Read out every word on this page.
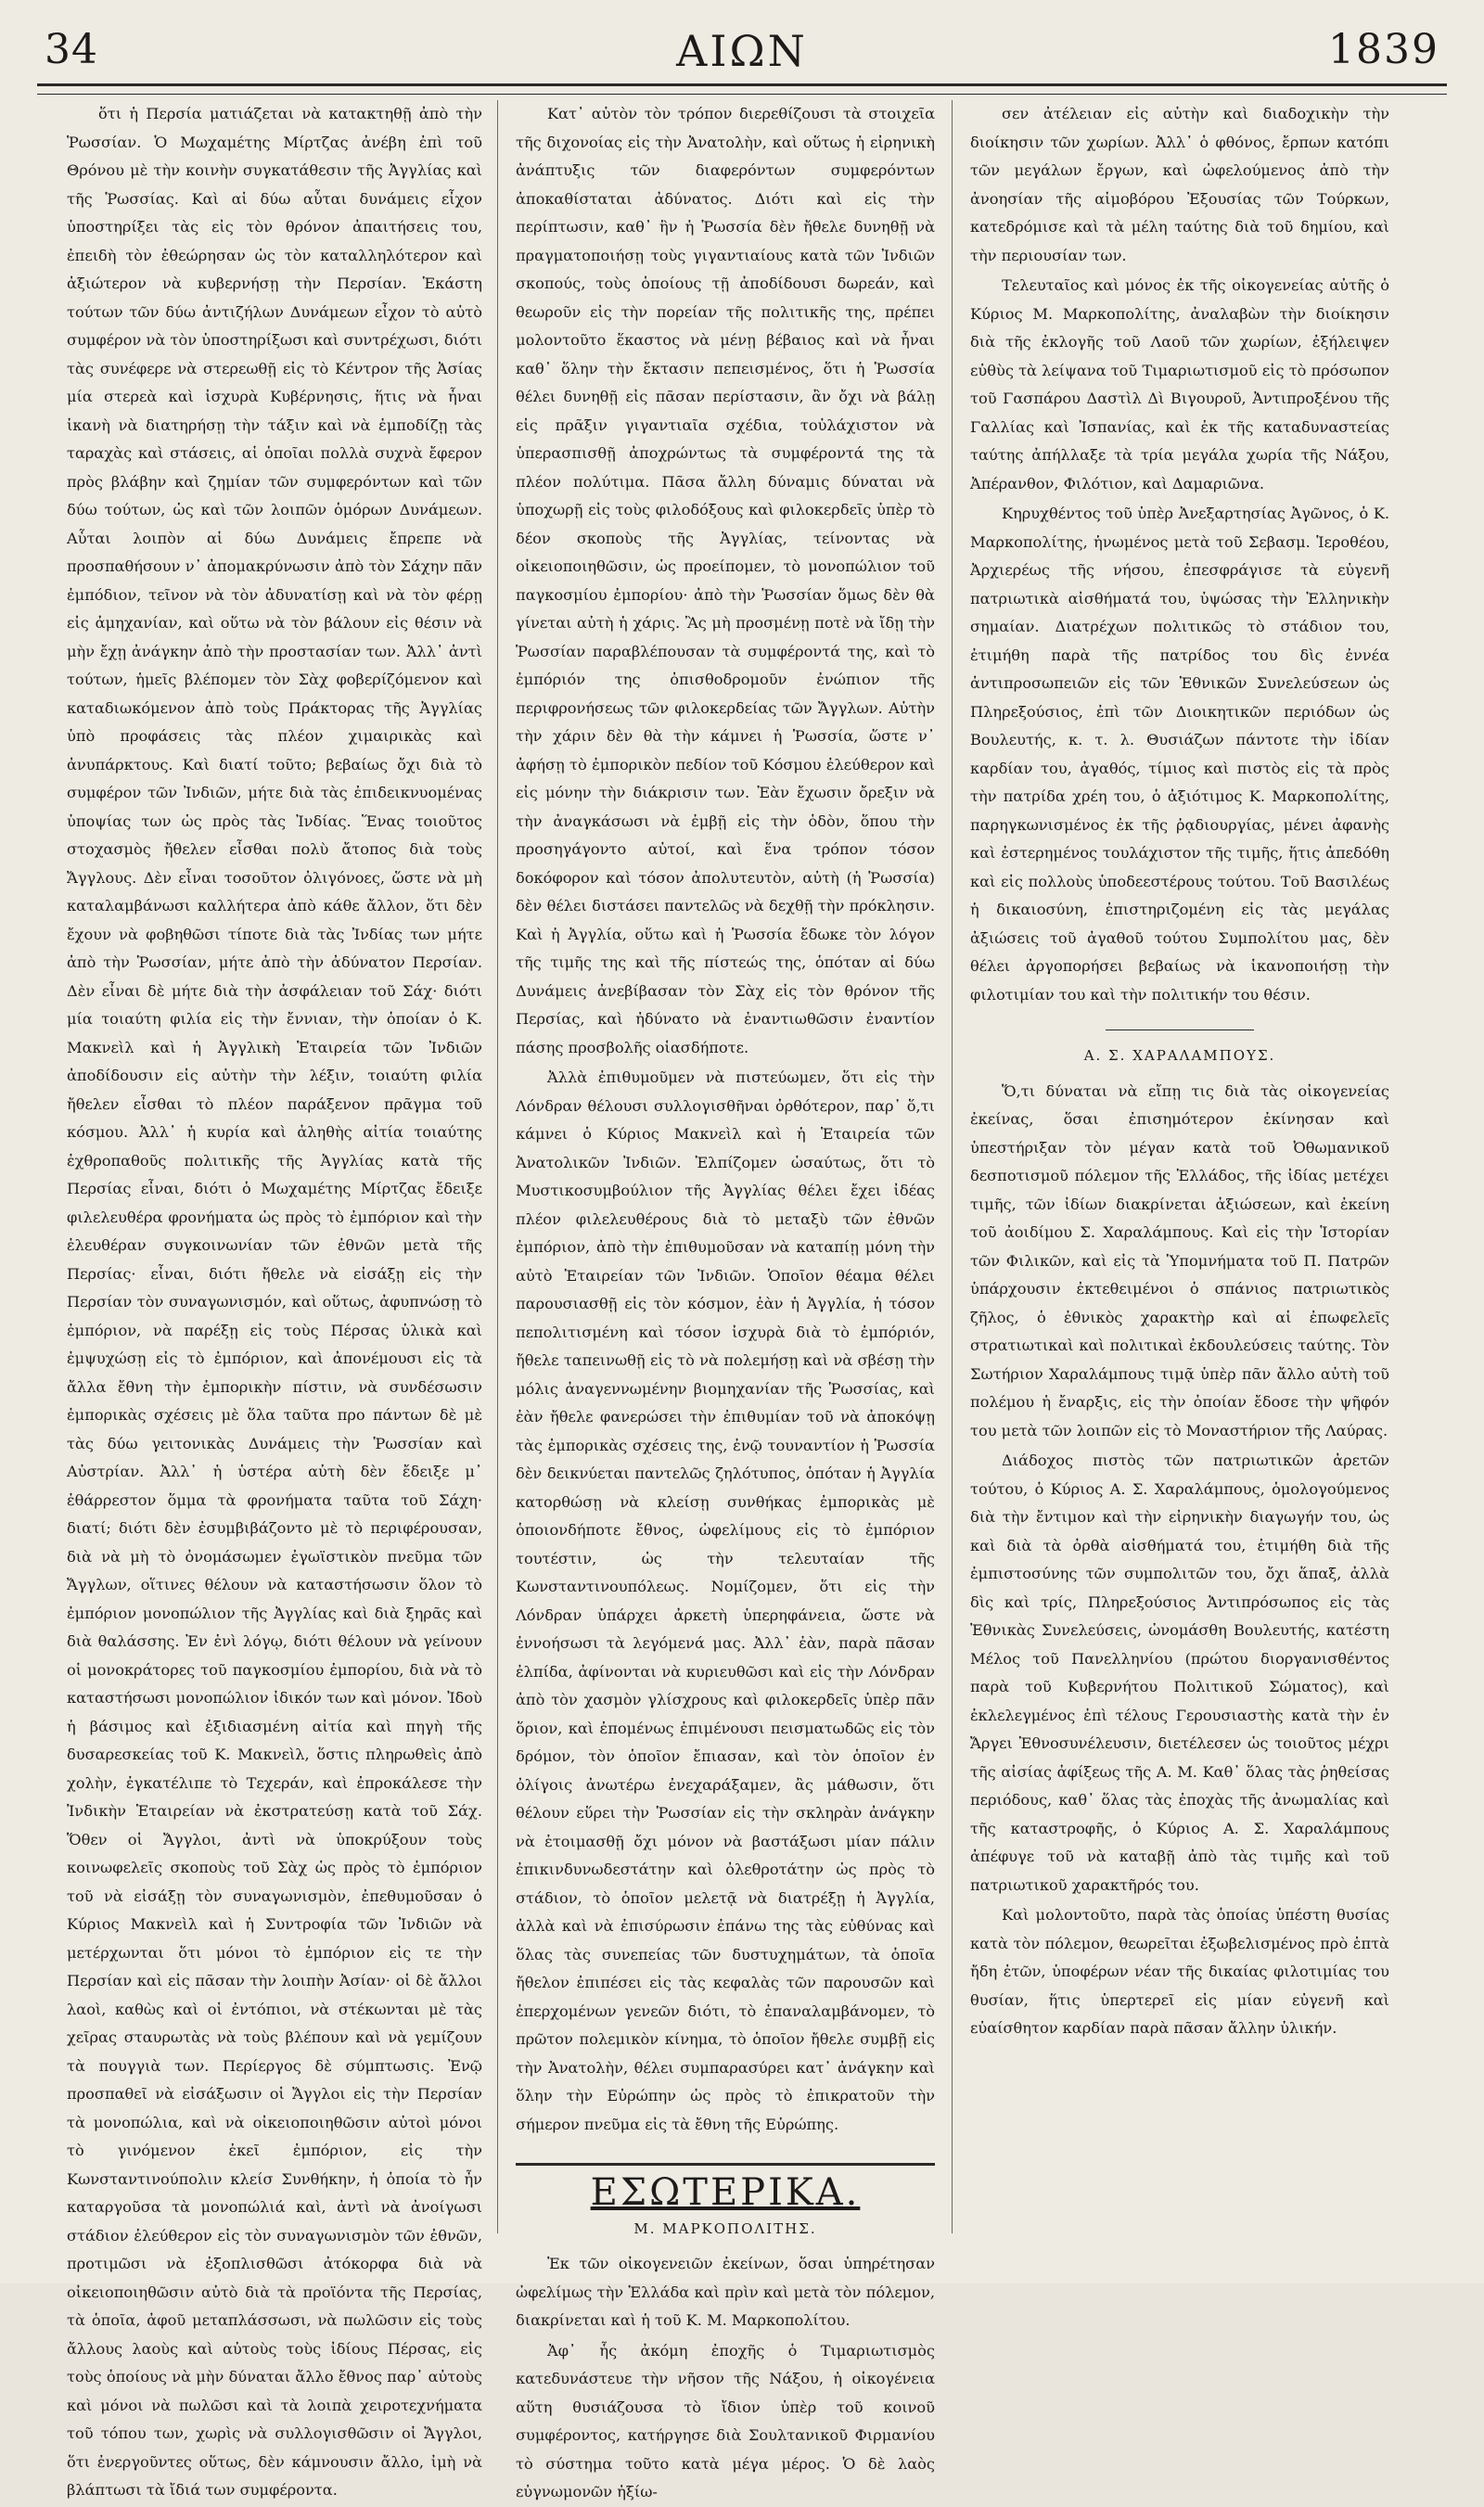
34	ΑΙΩΝ	1839

ὅτι ἡ Περσία ματιάζεται νὰ κατακτηθῇ ἀπὸ τὴν Ῥωσσίαν. Ὁ Μωχαμέτης Μίρτζας ἀνέβη ἐπὶ τοῦ Θρόνου μὲ τὴν κοινὴν συγκατάθεσιν τῆς Ἀγγλίας καὶ τῆς Ῥωσσίας. Καὶ αἱ δύω αὗται δυνάμεις εἶχον ὑποστηρίξει τὰς εἰς τὸν θρόνον ἀπαιτήσεις του, ἐπειδὴ τὸν ἐθεώρησαν ὡς τὸν καταλληλότερον καὶ ἀξιώτερον νὰ κυβερνήσῃ τὴν Περσίαν. Ἑκάστη τούτων τῶν δύω ἀντιζήλων Δυνάμεων εἶχον τὸ αὐτὸ συμφέρον νὰ τὸν ὑποστηρίξωσι καὶ συντρέχωσι, διότι τὰς συνέφερε νὰ στερεωθῇ εἰς τὸ Κέντρον τῆς Ἀσίας μία στερεὰ καὶ ἰσχυρὰ Κυβέρνησις, ἥτις νὰ ἦναι ἱκανὴ νὰ διατηρήσῃ τὴν τάξιν καὶ νὰ ἐμποδίζῃ τὰς ταραχὰς καὶ στάσεις, αἱ ὁποῖαι πολλὰ συχνὰ ἔφερον πρὸς βλάβην καὶ ζημίαν τῶν συμφερόντων καὶ τῶν δύω τούτων, ὡς καὶ τῶν λοιπῶν ὁμόρων Δυνάμεων. Αὗται λοιπὸν αἱ δύω Δυνάμεις ἔπρεπε νὰ προσπαθήσουν ν᾽ ἀπομακρύνωσιν ἀπὸ τὸν Σάχην πᾶν ἐμπόδιον, τεῖνον νὰ τὸν ἀδυνατίσῃ καὶ νὰ τὸν φέρῃ εἰς ἀμηχανίαν, καὶ οὕτω νὰ τὸν βάλουν εἰς θέσιν νὰ μὴν ἔχῃ ἀνάγκην ἀπὸ τὴν προστασίαν των. Ἀλλ᾽ ἀντὶ τούτων, ἡμεῖς βλέπομεν τὸν Σὰχ φοβερίζόμενον καὶ καταδιωκόμενον ἀπὸ τοὺς Πράκτορας τῆς Ἀγγλίας ὑπὸ προφάσεις τὰς πλέον χιμαιρικὰς καὶ ἀνυπάρκτους. Καὶ διατί τοῦτο; βεβαίως ὄχι διὰ τὸ συμφέρον τῶν Ἰνδιῶν, μήτε διὰ τὰς ἐπιδεικνυομένας ὑποψίας των ὡς πρὸς τὰς Ἰνδίας. Ἕνας τοιοῦτος στοχασμὸς ἤθελεν εἶσθαι πολὺ ἄτοπος διὰ τοὺς Ἄγγλους. Δὲν εἶναι τοσοῦτον ὀλιγόνοες, ὥστε νὰ μὴ καταλαμβάνωσι καλλήτερα ἀπὸ κάθε ἄλλον, ὅτι δὲν ἔχουν νὰ φοβηθῶσι τίποτε διὰ τὰς Ἰνδίας των μήτε ἀπὸ τὴν Ῥωσσίαν, μήτε ἀπὸ τὴν ἀδύνατον Περσίαν. Δὲν εἶναι δὲ μήτε διὰ τὴν ἀσφάλειαν τοῦ Σάχ· διότι μία τοιαύτη φιλία εἰς τὴν ἔννιαν, τὴν ὁποίαν ὁ Κ. Μακνεὶλ καὶ ἡ Ἀγγλικὴ Ἑταιρεία τῶν Ἰνδιῶν ἀποδίδουσιν εἰς αὐτὴν τὴν λέξιν, τοιαύτη φιλία ἤθελεν εἶσθαι τὸ πλέον παράξενον πρᾶγμα τοῦ κόσμου. Ἀλλ᾽ ἡ κυρία καὶ ἀληθὴς αἰτία τοιαύτης ἐχθροπαθοῦς πολιτικῆς τῆς Ἀγγλίας κατὰ τῆς Περσίας εἶναι, διότι ὁ Μωχαμέτης Μίρτζας ἔδειξε φιλελευθέρα φρονήματα ὡς πρὸς τὸ ἐμπόριον καὶ τὴν ἐλευθέραν συγκοινωνίαν τῶν ἐθνῶν μετὰ τῆς Περσίας· εἶναι, διότι ἤθελε νὰ εἰσάξῃ εἰς τὴν Περσίαν τὸν συναγωνισμόν, καὶ οὕτως, ἀφυπνώσῃ τὸ ἐμπόριον, νὰ παρέξῃ εἰς τοὺς Πέρσας ὑλικὰ καὶ ἐμψυχώσῃ εἰς τὸ ἐμπόριον, καὶ ἀπονέμουσι εἰς τὰ ἄλλα ἔθνη τὴν ἐμπορικὴν πίστιν, νὰ συνδέσωσιν ἐμπορικὰς σχέσεις μὲ ὅλα ταῦτα προ πάντων δὲ μὲ τὰς δύω γειτονικὰς Δυνάμεις τὴν Ῥωσσίαν καὶ Αὐστρίαν. Ἀλλ᾽ ἡ ὑστέρα αὐτὴ δὲν ἔδειξε μ᾽ ἐθάρρεστον ὅμμα τὰ φρονήματα ταῦτα τοῦ Σάχη· διατί; διότι δὲν ἐσυμβιβάζοντο μὲ τὸ περιφέρουσαν, διὰ νὰ μὴ τὸ ὀνομάσωμεν ἐγωϊστικὸν πνεῦμα τῶν Ἄγγλων, οἵτινες θέλουν νὰ καταστήσωσιν ὅλον τὸ ἐμπόριον μονοπώλιον τῆς Ἀγγλίας καὶ διὰ ξηρᾶς καὶ διὰ θαλάσσης. Ἐν ἑνὶ λόγῳ, διότι θέλουν νὰ γείνουν οἱ μονοκράτορες τοῦ παγκοσμίου ἐμπορίου, διὰ νὰ τὸ καταστήσωσι μονοπώλιον ἰδικόν των καὶ μόνον. Ἰδοὺ ἡ βάσιμος καὶ ἐξιδιασμένη αἰτία καὶ πηγὴ τῆς δυσαρεσκείας τοῦ Κ. Μακνεὶλ, ὅστις πληρωθεὶς ἀπὸ χολὴν, ἐγκατέλιπε τὸ Τεχεράν, καὶ ἐπροκάλεσε τὴν Ἰνδικὴν Ἑταιρείαν νὰ ἐκστρατεύσῃ κατὰ τοῦ Σάχ. Ὅθεν οἱ Ἄγγλοι, ἀντὶ νὰ ὑποκρύξουν τοὺς κοινωφελεῖς σκοποὺς τοῦ Σὰχ ὡς πρὸς τὸ ἐμπόριον τοῦ νὰ εἰσάξῃ τὸν συναγωνισμὸν, ἐπεθυμοῦσαν ὁ Κύριος Μακνεὶλ καὶ ἡ Συντροφία τῶν Ἰνδιῶν νὰ μετέρχωνται ὅτι μόνοι τὸ ἐμπόριον εἰς τε τὴν Περσίαν καὶ εἰς πᾶσαν τὴν λοιπὴν Ἀσίαν· οἱ δὲ ἄλλοι λαοὶ, καθὼς καὶ οἱ ἐντόπιοι, νὰ στέκωνται μὲ τὰς χεῖρας σταυρωτὰς νὰ τοὺς βλέπουν καὶ νὰ γεμίζουν τὰ πουγγιὰ των. Περίεργος δὲ σύμπτωσις. Ἐνῷ προσπαθεῖ νὰ εἰσάξωσιν οἱ Ἄγγλοι εἰς τὴν Περσίαν τὰ μονοπώλια, καὶ νὰ οἰκειοποιηθῶσιν αὐτοὶ μόνοι τὸ γινόμενον ἐκεῖ ἐμπόριον, εἰς τὴν Κωνσταντινούπολιν κλείσ Συνθήκην, ἡ ὁποία τὸ ἦν καταργοῦσα τὰ μονοπώλιά καὶ, ἀντὶ νὰ ἀνοίγωσι στάδιον ἐλεύθερον εἰς τὸν συναγωνισμὸν τῶν ἐθνῶν, προτιμῶσι νὰ ἐξοπλισθῶσι ἀτόκορφα διὰ νὰ οἰκειοποιηθῶσιν αὐτὸ διὰ τὰ προϊόντα τῆς Περσίας, τὰ ὁποῖα, ἀφοῦ μεταπλάσσωσι, νὰ πωλῶσιν εἰς τοὺς ἄλλους λαοὺς καὶ αὐτοὺς τοὺς ἰδίους Πέρσας, εἰς τοὺς ὁποίους νὰ μὴν δύναται ἄλλο ἔθνος παρ᾽ αὐτοὺς καὶ μόνοι νὰ πωλῶσι καὶ τὰ λοιπὰ χειροτεχνήματα τοῦ τόπου των, χωρὶς νὰ συλλογισθῶσιν οἱ Ἄγγλοι, ὅτι ἐνεργοῦντες οὕτως, δὲν κάμνουσιν ἄλλο, ἰμὴ νὰ βλάπτωσι τὰ ἴδιά των συμφέροντα.

Κατ᾽ αὐτὸν τὸν τρόπον διερεθίζουσι τὰ στοιχεῖα τῆς διχονοίας εἰς τὴν Ἀνατολὴν, καὶ οὕτως ἡ εἰρηνικὴ ἀνάπτυξις τῶν διαφερόντων συμφερόντων ἀποκαθίσταται ἀδύνατος. Διότι καὶ εἰς τὴν περίπτωσιν, καθ᾽ ἣν ἡ Ῥωσσία δὲν ἤθελε δυνηθῇ νὰ πραγματοποιήσῃ τοὺς γιγαντιαίους κατὰ τῶν Ἰνδιῶν σκοπούς, τοὺς ὁποίους τῇ ἀποδίδουσι δωρεάν, καὶ θεωροῦν εἰς τὴν πορείαν τῆς πολιτικῆς της, πρέπει μολοντοῦτο ἕκαστος νὰ μένῃ βέβαιος καὶ νὰ ἦναι καθ᾽ ὅλην τὴν ἔκτασιν πεπεισμένος, ὅτι ἡ Ῥωσσία θέλει δυνηθῇ εἰς πᾶσαν περίστασιν, ἂν ὄχι νὰ βάλῃ εἰς πρᾶξιν γιγαντιαῖα σχέδια, τοὐλάχιστον νὰ ὑπερασπισθῇ ἀποχρώντως τὰ συμφέροντά της τὰ πλέον πολύτιμα. Πᾶσα ἄλλη δύναμις δύναται νὰ ὑποχωρῇ εἰς τοὺς φιλοδόξους καὶ φιλοκερδεῖς ὑπὲρ τὸ δέον σκοποὺς τῆς Ἀγγλίας, τείνοντας νὰ οἰκειοποιηθῶσιν, ὡς προείπομεν, τὸ μονοπώλιον τοῦ παγκοσμίου ἐμπορίου· ἀπὸ τὴν Ῥωσσίαν ὅμως δὲν θὰ γίνεται αὐτὴ ἡ χάρις. Ἂς μὴ προσμένῃ ποτὲ νὰ ἴδῃ τὴν Ῥωσσίαν παραβλέπουσαν τὰ συμφέροντά της, καὶ τὸ ἐμπόριόν της ὀπισθοδρομοῦν ἐνώπιον τῆς περιφρονήσεως τῶν φιλοκερδείας τῶν Ἄγγλων. Αὐτὴν τὴν χάριν δὲν θὰ τὴν κάμνει ἡ Ῥωσσία, ὥστε ν᾽ ἀφήσῃ τὸ ἐμπορικὸν πεδίον τοῦ Κόσμου ἐλεύθερον καὶ εἰς μόνην τὴν διάκρισιν των. Ἐὰν ἔχωσιν ὄρεξιν νὰ τὴν ἀναγκάσωσι νὰ ἐμβῇ εἰς τὴν ὁδὸν, ὅπου τὴν προσηγάγοντο αὐτοί, καὶ ἕνα τρόπον τόσον δοκόφορον καὶ τόσον ἀπολυτευτὸν, αὐτὴ (ἡ Ῥωσσία) δὲν θέλει διστάσει παντελῶς νὰ δεχθῇ τὴν πρόκλησιν. Καὶ ἡ Ἀγγλία, οὕτω καὶ ἡ Ῥωσσία ἔδωκε τὸν λόγον τῆς τιμῆς της καὶ τῆς πίστεώς της, ὁπόταν αἱ δύω Δυνάμεις ἀνεβίβασαν τὸν Σὰχ εἰς τὸν θρόνον τῆς Περσίας, καὶ ἠδύνατο νὰ ἐναντιωθῶσιν ἐναντίον πάσης προσβολῆς οἱασδήποτε.

Ἀλλὰ ἐπιθυμοῦμεν νὰ πιστεύωμεν, ὅτι εἰς τὴν Λόνδραν θέλουσι συλλογισθῆναι ὀρθότερον, παρ᾽ ὅ,τι κάμνει ὁ Κύριος Μακνεὶλ καὶ ἡ Ἑταιρεία τῶν Ἀνατολικῶν Ἰνδιῶν. Ἐλπίζομεν ὡσαύτως, ὅτι τὸ Μυστικοσυμβούλιον τῆς Ἀγγλίας θέλει ἔχει ἰδέας πλέον φιλελευθέρους διὰ τὸ μεταξὺ τῶν ἐθνῶν ἐμπόριον, ἀπὸ τὴν ἐπιθυμοῦσαν νὰ καταπίῃ μόνη τὴν αὐτὸ Ἑταιρείαν τῶν Ἰνδιῶν. Ὁποῖον θέαμα θέλει παρουσιασθῇ εἰς τὸν κόσμον, ἐὰν ἡ Ἀγγλία, ἡ τόσον πεπολιτισμένη καὶ τόσον ἰσχυρὰ διὰ τὸ ἐμπόριόν, ἤθελε ταπεινωθῇ εἰς τὸ νὰ πολεμήσῃ καὶ νὰ σβέσῃ τὴν μόλις ἀναγεννωμένην βιομηχανίαν τῆς Ῥωσσίας, καὶ ἐὰν ἤθελε φανερώσει τὴν ἐπιθυμίαν τοῦ νὰ ἀποκόψῃ τὰς ἐμπορικὰς σχέσεις της, ἐνῷ τουναντίον ἡ Ῥωσσία δὲν δεικνύεται παντελῶς ζηλότυπος, ὁπόταν ἡ Ἀγγλία κατορθώσῃ νὰ κλείσῃ συνθήκας ἐμπορικὰς μὲ ὁποιονδήποτε ἔθνος, ὠφελίμους εἰς τὸ ἐμπόριον τουτέστιν, ὡς τὴν τελευταίαν τῆς Κωνσταντινουπόλεως. Νομίζομεν, ὅτι εἰς τὴν Λόνδραν ὑπάρχει ἀρκετὴ ὑπερηφάνεια, ὥστε νὰ ἐννοήσωσι τὰ λεγόμενά μας. Ἀλλ᾽ ἐὰν, παρὰ πᾶσαν ἐλπίδα, ἀφίνονται νὰ κυριευθῶσι καὶ εἰς τὴν Λόνδραν ἀπὸ τὸν χασμὸν γλίσχρους καὶ φιλοκερδεῖς ὑπὲρ πᾶν ὅριον, καὶ ἐπομένως ἐπιμένουσι πεισματωδῶς εἰς τὸν δρόμον, τὸν ὁποῖον ἔπιασαν, καὶ τὸν ὁποῖον ἐν ὀλίγοις ἀνωτέρω ἐνεχαράξαμεν, ἂς μάθωσιν, ὅτι θέλουν εὕρει τὴν Ῥωσσίαν εἰς τὴν σκληρὰν ἀνάγκην νὰ ἑτοιμασθῇ ὄχι μόνον νὰ βαστάξωσι μίαν πάλιν ἐπικινδυνωδεστάτην καὶ ὀλεθροτάτην ὡς πρὸς τὸ στάδιον, τὸ ὁποῖον μελετᾷ νὰ διατρέξῃ ἡ Ἀγγλία, ἀλλὰ καὶ νὰ ἐπισύρωσιν ἐπάνω της τὰς εὐθύνας καὶ ὅλας τὰς συνεπείας τῶν δυστυχημάτων, τὰ ὁποῖα ἤθελον ἐπιπέσει εἰς τὰς κεφαλὰς τῶν παρουσῶν καὶ ἐπερχομένων γενεῶν διότι, τὸ ἐπαναλαμβάνομεν, τὸ πρῶτον πολεμικὸν κίνημα, τὸ ὁποῖον ἤθελε συμβῇ εἰς τὴν Ἀνατολὴν, θέλει συμπαρασύρει κατ᾽ ἀνάγκην καὶ ὅλην τὴν Εὐρώπην ὡς πρὸς τὸ ἐπικρατοῦν τὴν σήμερον πνεῦμα εἰς τὰ ἔθνη τῆς Εὐρώπης.

ΕΣΩΤΕΡΙΚΑ.
Μ. ΜΑΡΚΟΠΟΛΙΤΗΣ.

Ἐκ τῶν οἰκογενειῶν ἐκείνων, ὅσαι ὑπηρέτησαν ὠφελίμως τὴν Ἑλλάδα καὶ πρὶν καὶ μετὰ τὸν πόλεμον, διακρίνεται καὶ ἡ τοῦ Κ. Μ. Μαρκοπολίτου.

Ἀφ᾽ ἧς ἀκόμη ἐποχῆς ὁ Τιμαριωτισμὸς κατεδυνάστευε τὴν νῆσον τῆς Νάξου, ἡ οἰκογένεια αὕτη θυσιάζουσα τὸ ἴδιον ὑπὲρ τοῦ κοινοῦ συμφέροντος, κατήργησε διὰ Σουλτανικοῦ Φιρμανίου τὸ σύστημα τοῦτο κατὰ μέγα μέρος. Ὁ δὲ λαὸς εὐγνωμονῶν ἠξίω-

σεν ἀτέλειαν εἰς αὐτὴν καὶ διαδοχικὴν τὴν διοίκησιν τῶν χωρίων. Ἀλλ᾽ ὁ φθόνος, ἔρπων κατόπι τῶν μεγάλων ἔργων, καὶ ὠφελούμενος ἀπὸ τὴν ἀνοησίαν τῆς αἱμοβόρου Ἐξουσίας τῶν Τούρκων, κατεδρόμισε καὶ τὰ μέλη ταύτης διὰ τοῦ δημίου, καὶ τὴν περιουσίαν των.

Τελευταῖος καὶ μόνος ἐκ τῆς οἰκογενείας αὐτῆς ὁ Κύριος Μ. Μαρκοπολίτης, ἀναλαβὼν τὴν διοίκησιν διὰ τῆς ἐκλογῆς τοῦ Λαοῦ τῶν χωρίων, ἐξήλειψεν εὐθὺς τὰ λείψανα τοῦ Τιμαριωτισμοῦ εἰς τὸ πρόσωπον τοῦ Γασπάρου Δαστὶλ Δὶ Βιγουροῦ, Ἀντιπροξένου τῆς Γαλλίας καὶ Ἰσπανίας, καὶ ἐκ τῆς καταδυναστείας ταύτης ἀπήλλαξε τὰ τρία μεγάλα χωρία τῆς Νάξου, Ἀπέρανθον, Φιλότιον, καὶ Δαμαριῶνα.

Κηρυχθέντος τοῦ ὑπὲρ Ἀνεξαρτησίας Ἀγῶνος, ὁ Κ. Μαρκοπολίτης, ἡνωμένος μετὰ τοῦ Σεβασμ. Ἱεροθέου, Ἀρχιερέως τῆς νήσου, ἐπεσφράγισε τὰ εὐγενῆ πατριωτικὰ αἰσθήματά του, ὑψώσας τὴν Ἑλληνικὴν σημαίαν. Διατρέχων πολιτικῶς τὸ στάδιον του, ἐτιμήθη παρὰ τῆς πατρίδος του δὶς ἐννέα ἀντιπροσωπειῶν εἰς τῶν Ἐθνικῶν Συνελεύσεων ὡς Πληρεξούσιος, ἐπὶ τῶν Διοικητικῶν περιόδων ὡς Βουλευτής, κ. τ. λ. Θυσιάζων πάντοτε τὴν ἰδίαν καρδίαν του, ἀγαθός, τίμιος καὶ πιστὸς εἰς τὰ πρὸς τὴν πατρίδα χρέη του, ὁ ἀξιότιμος Κ. Μαρκοπολίτης, παρηγκωνισμένος ἐκ τῆς ῥᾳδιουργίας, μένει ἀφανὴς καὶ ἐστερημένος τουλάχιστον τῆς τιμῆς, ἥτις ἀπεδόθη καὶ εἰς πολλοὺς ὑποδεεστέρους τούτου. Τοῦ Βασιλέως ἡ δικαιοσύνη, ἐπιστηριζομένη εἰς τὰς μεγάλας ἀξιώσεις τοῦ ἀγαθοῦ τούτου Συμπολίτου μας, δὲν θέλει ἀργοπορήσει βεβαίως νὰ ἱκανοποιήσῃ τὴν φιλοτιμίαν του καὶ τὴν πολιτικήν του θέσιν.

Α. Σ. ΧΑΡΑΛΑΜΠΟΥΣ.

Ὅ,τι δύναται νὰ εἴπῃ τις διὰ τὰς οἰκογενείας ἐκείνας, ὅσαι ἐπισημότερον ἐκίνησαν καὶ ὑπεστήριξαν τὸν μέγαν κατὰ τοῦ Ὀθωμανικοῦ δεσποτισμοῦ πόλεμον τῆς Ἑλλάδος, τῆς ἰδίας μετέχει τιμῆς, τῶν ἰδίων διακρίνεται ἀξιώσεων, καὶ ἐκείνη τοῦ ἀοιδίμου Σ. Χαραλάμπους. Καὶ εἰς τὴν Ἱστορίαν τῶν Φιλικῶν, καὶ εἰς τὰ Ὑπομνήματα τοῦ Π. Πατρῶν ὑπάρχουσιν ἐκτεθειμένοι ὁ σπάνιος πατριωτικὸς ζῆλος, ὁ ἐθνικὸς χαρακτὴρ καὶ αἱ ἐπωφελεῖς στρατιωτικαὶ καὶ πολιτικαὶ ἐκδουλεύσεις ταύτης. Τὸν Σωτήριον Χαραλάμπους τιμᾷ ὑπὲρ πᾶν ἄλλο αὐτὴ τοῦ πολέμου ἡ ἔναρξις, εἰς τὴν ὁποίαν ἔδοσε τὴν ψῆφόν του μετὰ τῶν λοιπῶν εἰς τὸ Μοναστήριον τῆς Λαύρας.

Διάδοχος πιστὸς τῶν πατριωτικῶν ἀρετῶν τούτου, ὁ Κύριος Α. Σ. Χαραλάμπους, ὁμολογούμενος διὰ τὴν ἔντιμον καὶ τὴν εἰρηνικὴν διαγωγήν του, ὡς καὶ διὰ τὰ ὀρθὰ αἰσθήματά του, ἐτιμήθη διὰ τῆς ἐμπιστοσύνης τῶν συμπολιτῶν του, ὄχι ἅπαξ, ἀλλὰ δὶς καὶ τρίς, Πληρεξούσιος Ἀντιπρόσωπος εἰς τὰς Ἐθνικὰς Συνελεύσεις, ὠνομάσθη Βουλευτής, κατέστη Μέλος τοῦ Πανελληνίου (πρώτου διοργανισθέντος παρὰ τοῦ Κυβερνήτου Πολιτικοῦ Σώματος), καὶ ἐκλελεγμένος ἐπὶ τέλους Γερουσιαστὴς κατὰ τὴν ἐν Ἄργει Ἐθνοσυνέλευσιν, διετέλεσεν ὡς τοιοῦτος μέχρι τῆς αἰσίας ἀφίξεως τῆς Α. Μ. Καθ᾽ ὅλας τὰς ῥηθείσας περιόδους, καθ᾽ ὅλας τὰς ἐποχὰς τῆς ἀνωμαλίας καὶ τῆς καταστροφῆς, ὁ Κύριος Α. Σ. Χαραλάμπους ἀπέφυγε τοῦ νὰ καταβῇ ἀπὸ τὰς τιμῆς καὶ τοῦ πατριωτικοῦ χαρακτῆρός του.

Καὶ μολοντοῦτο, παρὰ τὰς ὁποίας ὑπέστη θυσίας κατὰ τὸν πόλεμον, θεωρεῖται ἐξωβελισμένος πρὸ ἑπτὰ ἤδη ἐτῶν, ὑποφέρων νέαν τῆς δικαίας φιλοτιμίας του θυσίαν, ἥτις ὑπερτερεῖ εἰς μίαν εὐγενῆ καὶ εὐαίσθητον καρδίαν παρὰ πᾶσαν ἄλλην ὑλικήν.
